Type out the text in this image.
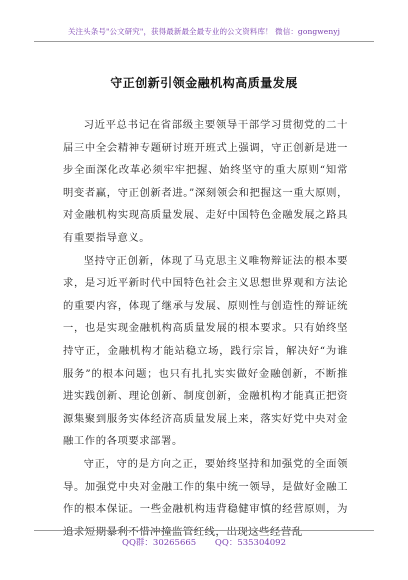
关注头条号"公文研究"，获得最新最全最专业的公文资料库！ 微信：gongwenyj
守正创新引领金融机构高质量发展

习近平总书记在省部级主要领导干部学习贯彻党的二十届三中全会精神专题研讨班开班式上强调，守正创新是进一步全面深化改革必须牢牢把握、始终坚守的重大原则“知常明变者赢，守正创新者进。”深刻领会和把握这一重大原则，对金融机构实现高质量发展、走好中国特色金融发展之路具有重要指导意义。

坚持守正创新，体现了马克思主义唯物辩证法的根本要求，是习近平新时代中国特色社会主义思想世界观和方法论的重要内容，体现了继承与发展、原则性与创造性的辩证统一，也是实现金融机构高质量发展的根本要求。只有始终坚持守正，金融机构才能站稳立场，践行宗旨，解决好“为谁服务”的根本问题；也只有扎扎实实做好金融创新，不断推进实践创新、理论创新、制度创新，金融机构才能真正把资源集聚到服务实体经济高质量发展上来，落实好党中央对金融工作的各项要求部署。

守正，守的是方向之正，要始终坚持和加强党的全面领导。加强党中央对金融工作的集中统一领导，是做好金融工作的根本保证。一些金融机构违背稳健审慎的经营原则，为追求短期暴利不惜冲撞监管红线，出现这些经营乱

QQ群：30265665 QQ：535304092
